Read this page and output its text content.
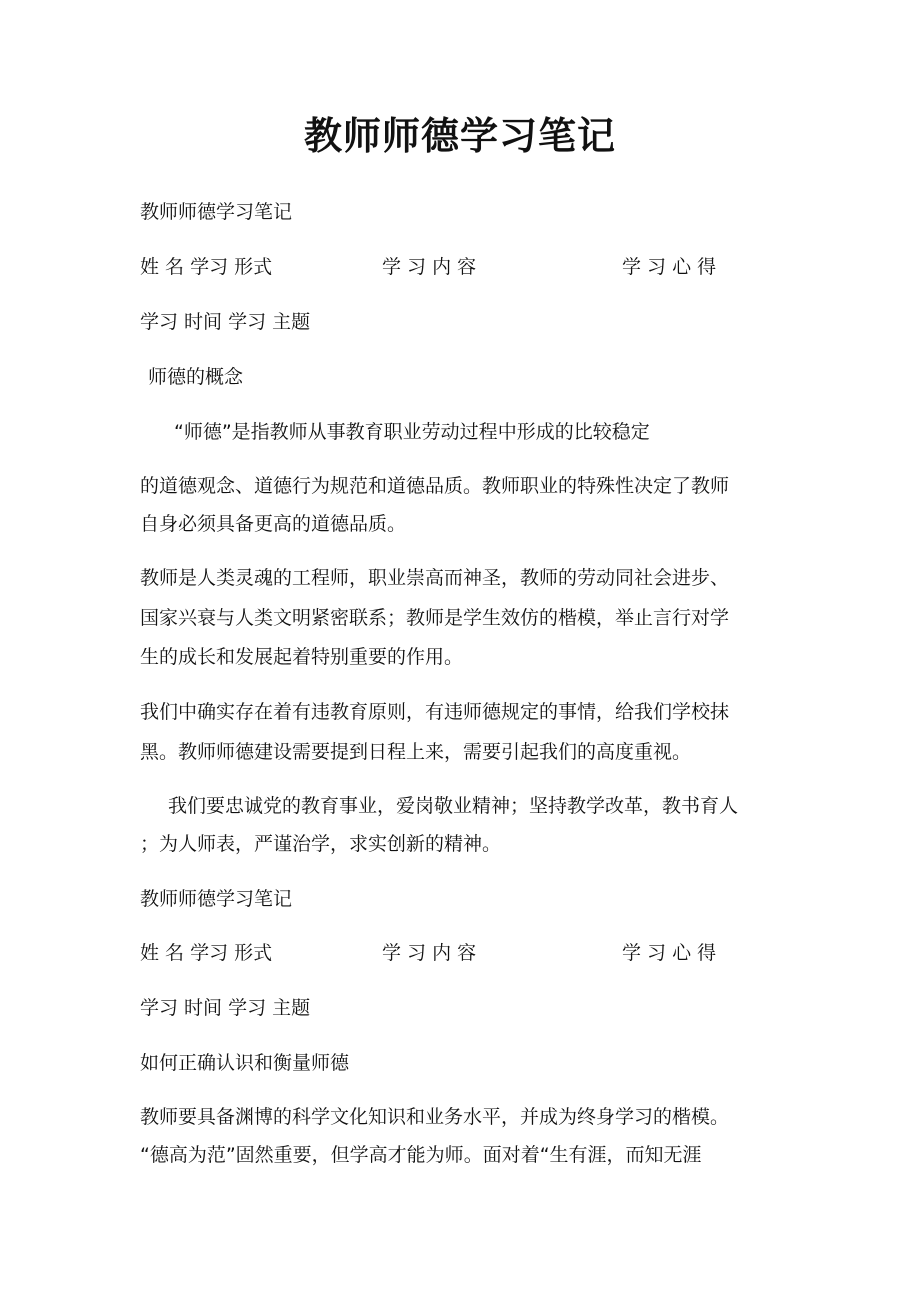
教师师德学习笔记

教师师德学习笔记

姓 名 学习 形式	学 习 内 容	学 习 心 得

学习 时间 学习 主题

师德的概念

“师德”是指教师从事教育职业劳动过程中形成的比较稳定

的道德观念、道德行为规范和道德品质。教师职业的特殊性决定了教师

自身必须具备更高的道德品质。

教师是人类灵魂的工程师，职业崇高而神圣，教师的劳动同社会进步、

国家兴衰与人类文明紧密联系；教师是学生效仿的楷模，举止言行对学

生的成长和发展起着特别重要的作用。

我们中确实存在着有违教育原则，有违师德规定的事情，给我们学校抹

黑。教师师德建设需要提到日程上来，需要引起我们的高度重视。

我们要忠诚党的教育事业，爱岗敬业精神；坚持教学改革，教书育人

；为人师表，严谨治学，求实创新的精神。

教师师德学习笔记

姓 名 学习 形式	学 习 内 容	学 习 心 得

学习 时间 学习 主题

如何正确认识和衡量师德

教师要具备渊博的科学文化知识和业务水平，并成为终身学习的楷模。

“德高为范”固然重要，但学高才能为师。面对着“生有涯，而知无涯
